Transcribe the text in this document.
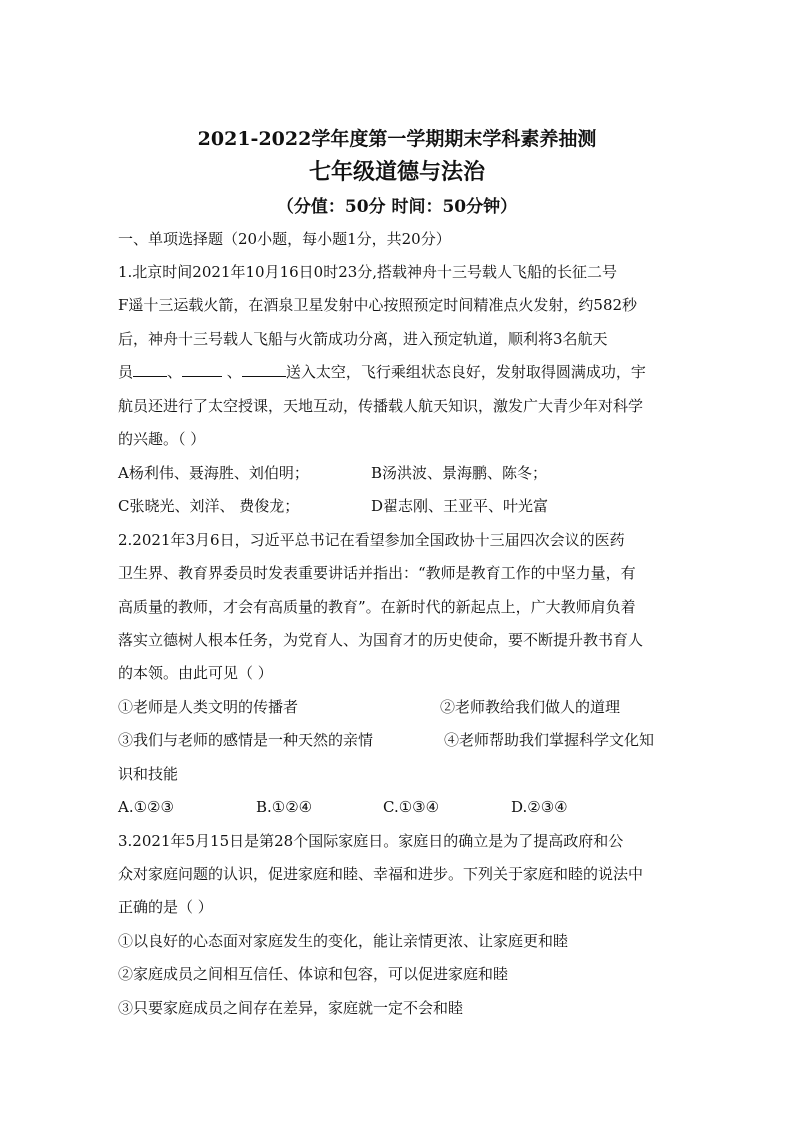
2021-2022学年度第一学期期末学科素养抽测
七年级道德与法治
（分值：50分 时间：50分钟）
一、单项选择题（20小题，每小题1分，共20分）
1.北京时间2021年10月16日0时23分,搭载神舟十三号载人飞船的长征二号
F遥十三运载火箭，在酒泉卫星发射中心按照预定时间精准点火发射，约582秒
后，神舟十三号载人飞船与火箭成功分离，进入预定轨道，顺利将3名航天
员 、	、	送入太空，飞行乘组状态良好，发射取得圆满成功，宇
航员还进行了太空授课，天地互动，传播载人航天知识，激发广大青少年对科学
的兴趣。（ ）
A杨利伟、聂海胜、刘伯明；	B汤洪波、景海鹏、陈冬；
C张晓光、刘洋、 费俊龙；	D翟志刚、王亚平、叶光富
2.2021年3月6日，习近平总书记在看望参加全国政协十三届四次会议的医药
卫生界、教育界委员时发表重要讲话并指出：“教师是教育工作的中坚力量，有
高质量的教师，才会有高质量的教育”。在新时代的新起点上，广大教师肩负着
落实立德树人根本任务，为党育人、为国育才的历史使命，要不断提升教书育人
的本领。由此可见（ ）
①老师是人类文明的传播者	②老师教给我们做人的道理
③我们与老师的感情是一种天然的亲情	④老师帮助我们掌握科学文化知
识和技能
A.①②③	B.①②④	C.①③④	D.②③④
3.2021年5月15日是第28个国际家庭日。家庭日的确立是为了提高政府和公
众对家庭问题的认识，促进家庭和睦、幸福和进步。下列关于家庭和睦的说法中
正确的是（ ）
①以良好的心态面对家庭发生的变化，能让亲情更浓、让家庭更和睦
②家庭成员之间相互信任、体谅和包容，可以促进家庭和睦
③只要家庭成员之间存在差异，家庭就一定不会和睦
